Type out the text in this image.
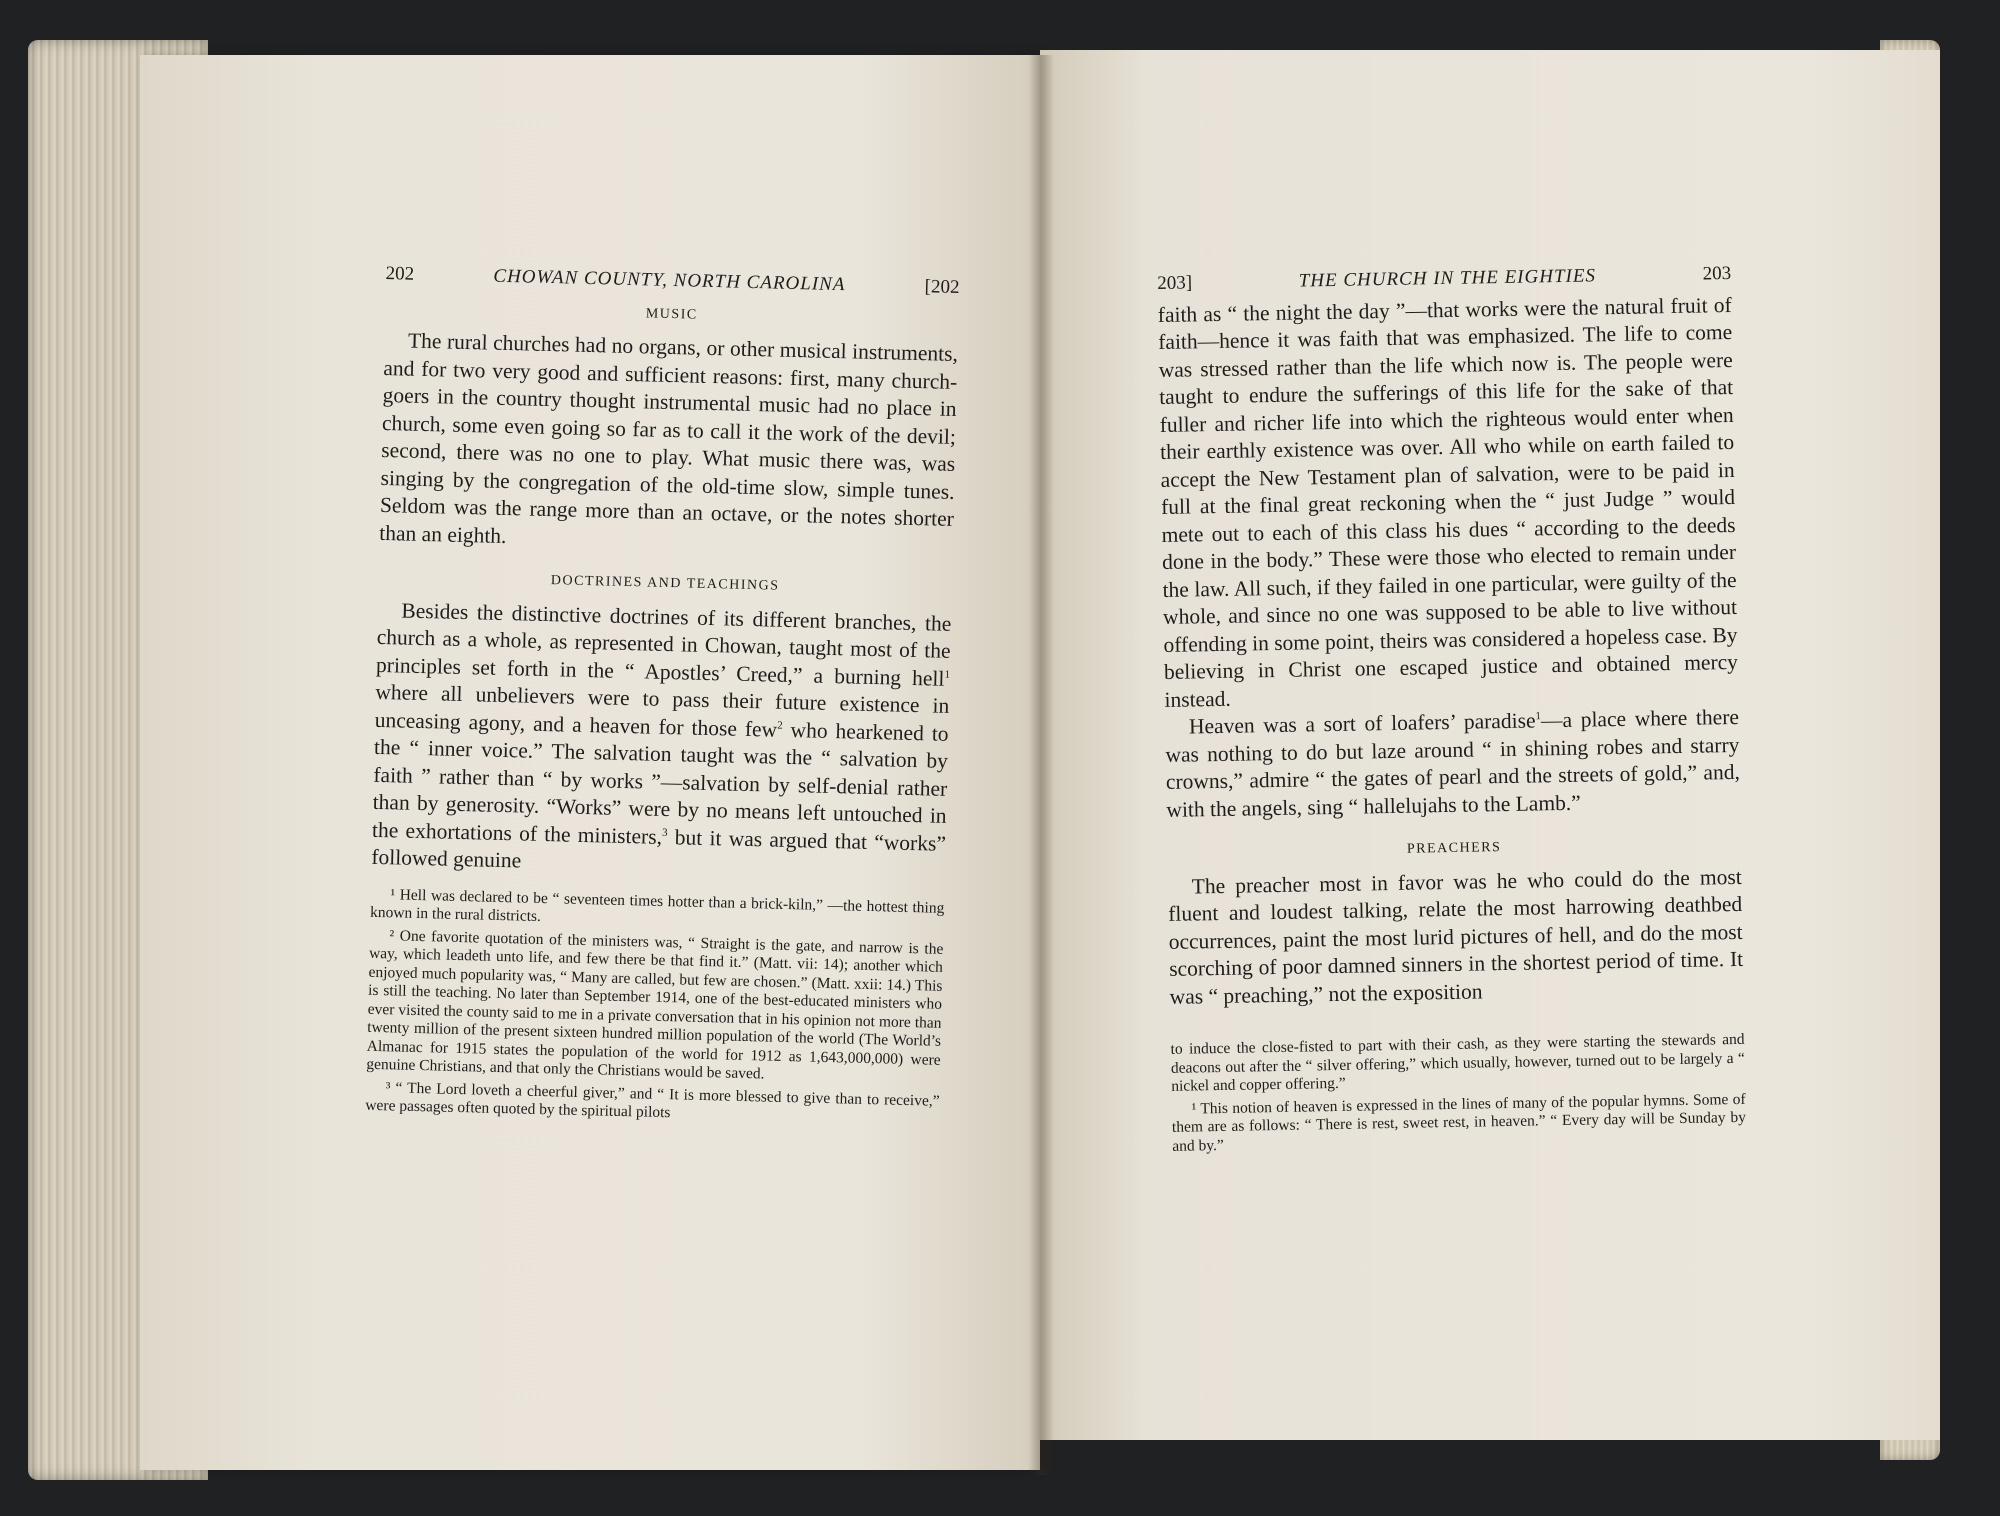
202	CHOWAN COUNTY, NORTH CAROLINA	[202
MUSIC

The rural churches had no organs, or other musical instruments, and for two very good and sufficient reasons: first, many church-goers in the country thought instrumental music had no place in church, some even going so far as to call it the work of the devil; second, there was no one to play. What music there was, was singing by the congregation of the old-time slow, simple tunes. Seldom was the range more than an octave, or the notes shorter than an eighth.

DOCTRINES AND TEACHINGS

Besides the distinctive doctrines of its different branches, the church as a whole, as represented in Chowan, taught most of the principles set forth in the “ Apostles’ Creed,” a burning hell$^1$ where all unbelievers were to pass their future existence in unceasing agony, and a heaven for those few$^2$ who hearkened to the “ inner voice.” The salvation taught was the “ salvation by faith ” rather than “ by works ”—salvation by self-denial rather than by generosity. “Works” were by no means left untouched in the exhortations of the ministers,$^3$ but it was argued that “works” followed genuine

¹ Hell was declared to be “ seventeen times hotter than a brick-kiln,” —the hottest thing known in the rural districts.

² One favorite quotation of the ministers was, “ Straight is the gate, and narrow is the way, which leadeth unto life, and few there be that find it.” (Matt. vii: 14); another which enjoyed much popularity was, “ Many are called, but few are chosen.” (Matt. xxii: 14.) This is still the teaching. No later than September 1914, one of the best-educated ministers who ever visited the county said to me in a private conversation that in his opinion not more than twenty million of the present sixteen hundred million population of the world (The World’s Almanac for 1915 states the population of the world for 1912 as 1,643,000,000) were genuine Christians, and that only the Christians would be saved.

³ “ The Lord loveth a cheerful giver,” and “ It is more blessed to give than to receive,” were passages often quoted by the spiritual pilots

203]	THE CHURCH IN THE EIGHTIES	203

faith as “ the night the day ”—that works were the natural fruit of faith—hence it was faith that was emphasized. The life to come was stressed rather than the life which now is. The people were taught to endure the sufferings of this life for the sake of that fuller and richer life into which the righteous would enter when their earthly existence was over. All who while on earth failed to accept the New Testament plan of salvation, were to be paid in full at the final great reckoning when the “ just Judge ” would mete out to each of this class his dues “ according to the deeds done in the body.” These were those who elected to remain under the law. All such, if they failed in one particular, were guilty of the whole, and since no one was supposed to be able to live without offending in some point, theirs was considered a hopeless case. By believing in Christ one escaped justice and obtained mercy instead.

Heaven was a sort of loafers’ paradise$^1$—a place where there was nothing to do but laze around “ in shining robes and starry crowns,” admire “ the gates of pearl and the streets of gold,” and, with the angels, sing “ hallelujahs to the Lamb.”

PREACHERS

The preacher most in favor was he who could do the most fluent and loudest talking, relate the most harrowing deathbed occurrences, paint the most lurid pictures of hell, and do the most scorching of poor damned sinners in the shortest period of time. It was “ preaching,” not the exposition

to induce the close-fisted to part with their cash, as they were starting the stewards and deacons out after the “ silver offering,” which usually, however, turned out to be largely a “ nickel and copper offering.”

¹ This notion of heaven is expressed in the lines of many of the popular hymns. Some of them are as follows: “ There is rest, sweet rest, in heaven.” “ Every day will be Sunday by and by.”
